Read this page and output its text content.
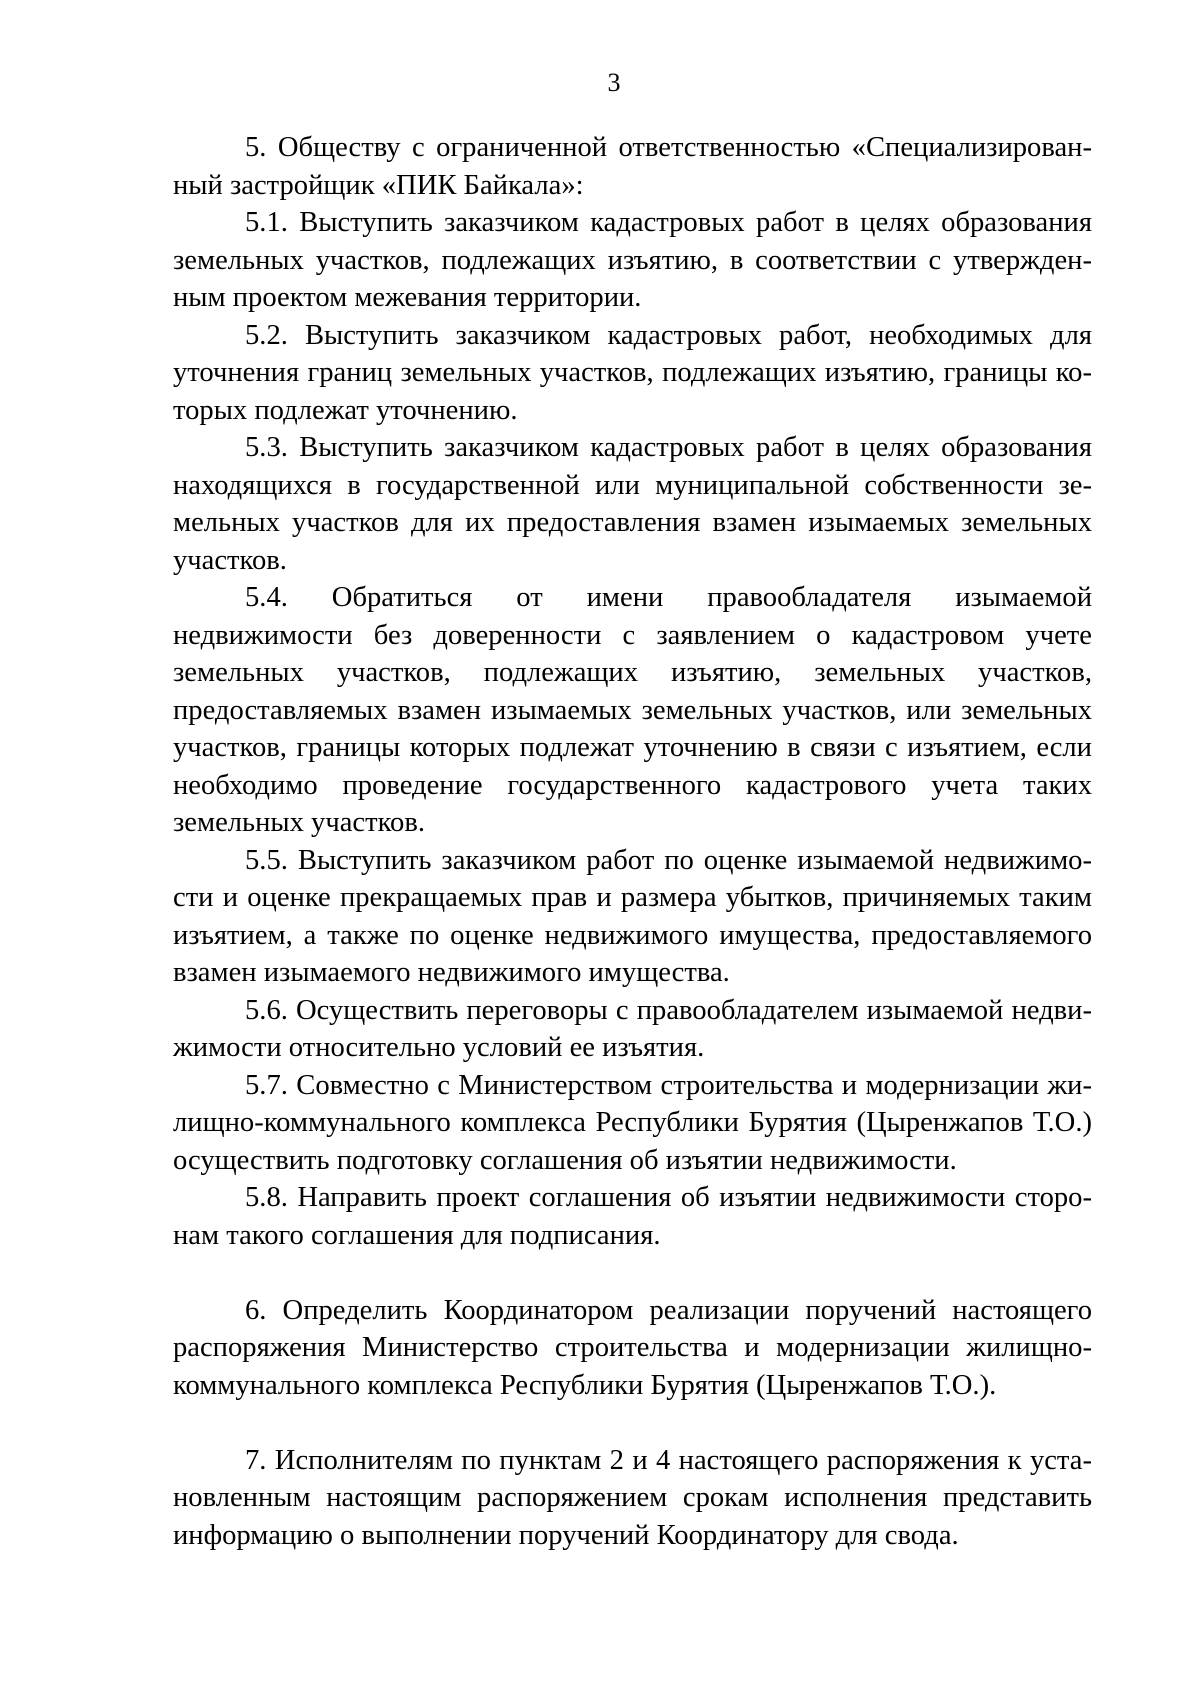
3

5. Обществу с ограниченной ответственностью «Специализированный застройщик «ПИК Байкала»:

5.1. Выступить заказчиком кадастровых работ в целях образования земельных участков, подлежащих изъятию, в соответствии с утвержденным проектом межевания территории.

5.2. Выступить заказчиком кадастровых работ, необходимых для уточнения границ земельных участков, подлежащих изъятию, границы которых подлежат уточнению.

5.3. Выступить заказчиком кадастровых работ в целях образования находящихся в государственной или муниципальной собственности земельных участков для их предоставления взамен изымаемых земельных участков.

5.4. Обратиться от имени правообладателя изымаемой недвижимости без доверенности с заявлением о кадастровом учете земельных участков, подлежащих изъятию, земельных участков, предоставляемых взамен изымаемых земельных участков, или земельных участков, границы которых подлежат уточнению в связи с изъятием, если необходимо проведение государственного кадастрового учета таких земельных участков.

5.5. Выступить заказчиком работ по оценке изымаемой недвижимости и оценке прекращаемых прав и размера убытков, причиняемых таким изъятием, а также по оценке недвижимого имущества, предоставляемого взамен изымаемого недвижимого имущества.

5.6. Осуществить переговоры с правообладателем изымаемой недвижимости относительно условий ее изъятия.

5.7. Совместно с Министерством строительства и модернизации жилищно-коммунального комплекса Республики Бурятия (Цыренжапов Т.О.) осуществить подготовку соглашения об изъятии недвижимости.

5.8. Направить проект соглашения об изъятии недвижимости сторонам такого соглашения для подписания.

6. Определить Координатором реализации поручений настоящего распоряжения Министерство строительства и модернизации жилищно-коммунального комплекса Республики Бурятия (Цыренжапов Т.О.).

7. Исполнителям по пунктам 2 и 4 настоящего распоряжения к установленным настоящим распоряжением срокам исполнения представить информацию о выполнении поручений Координатору для свода.
